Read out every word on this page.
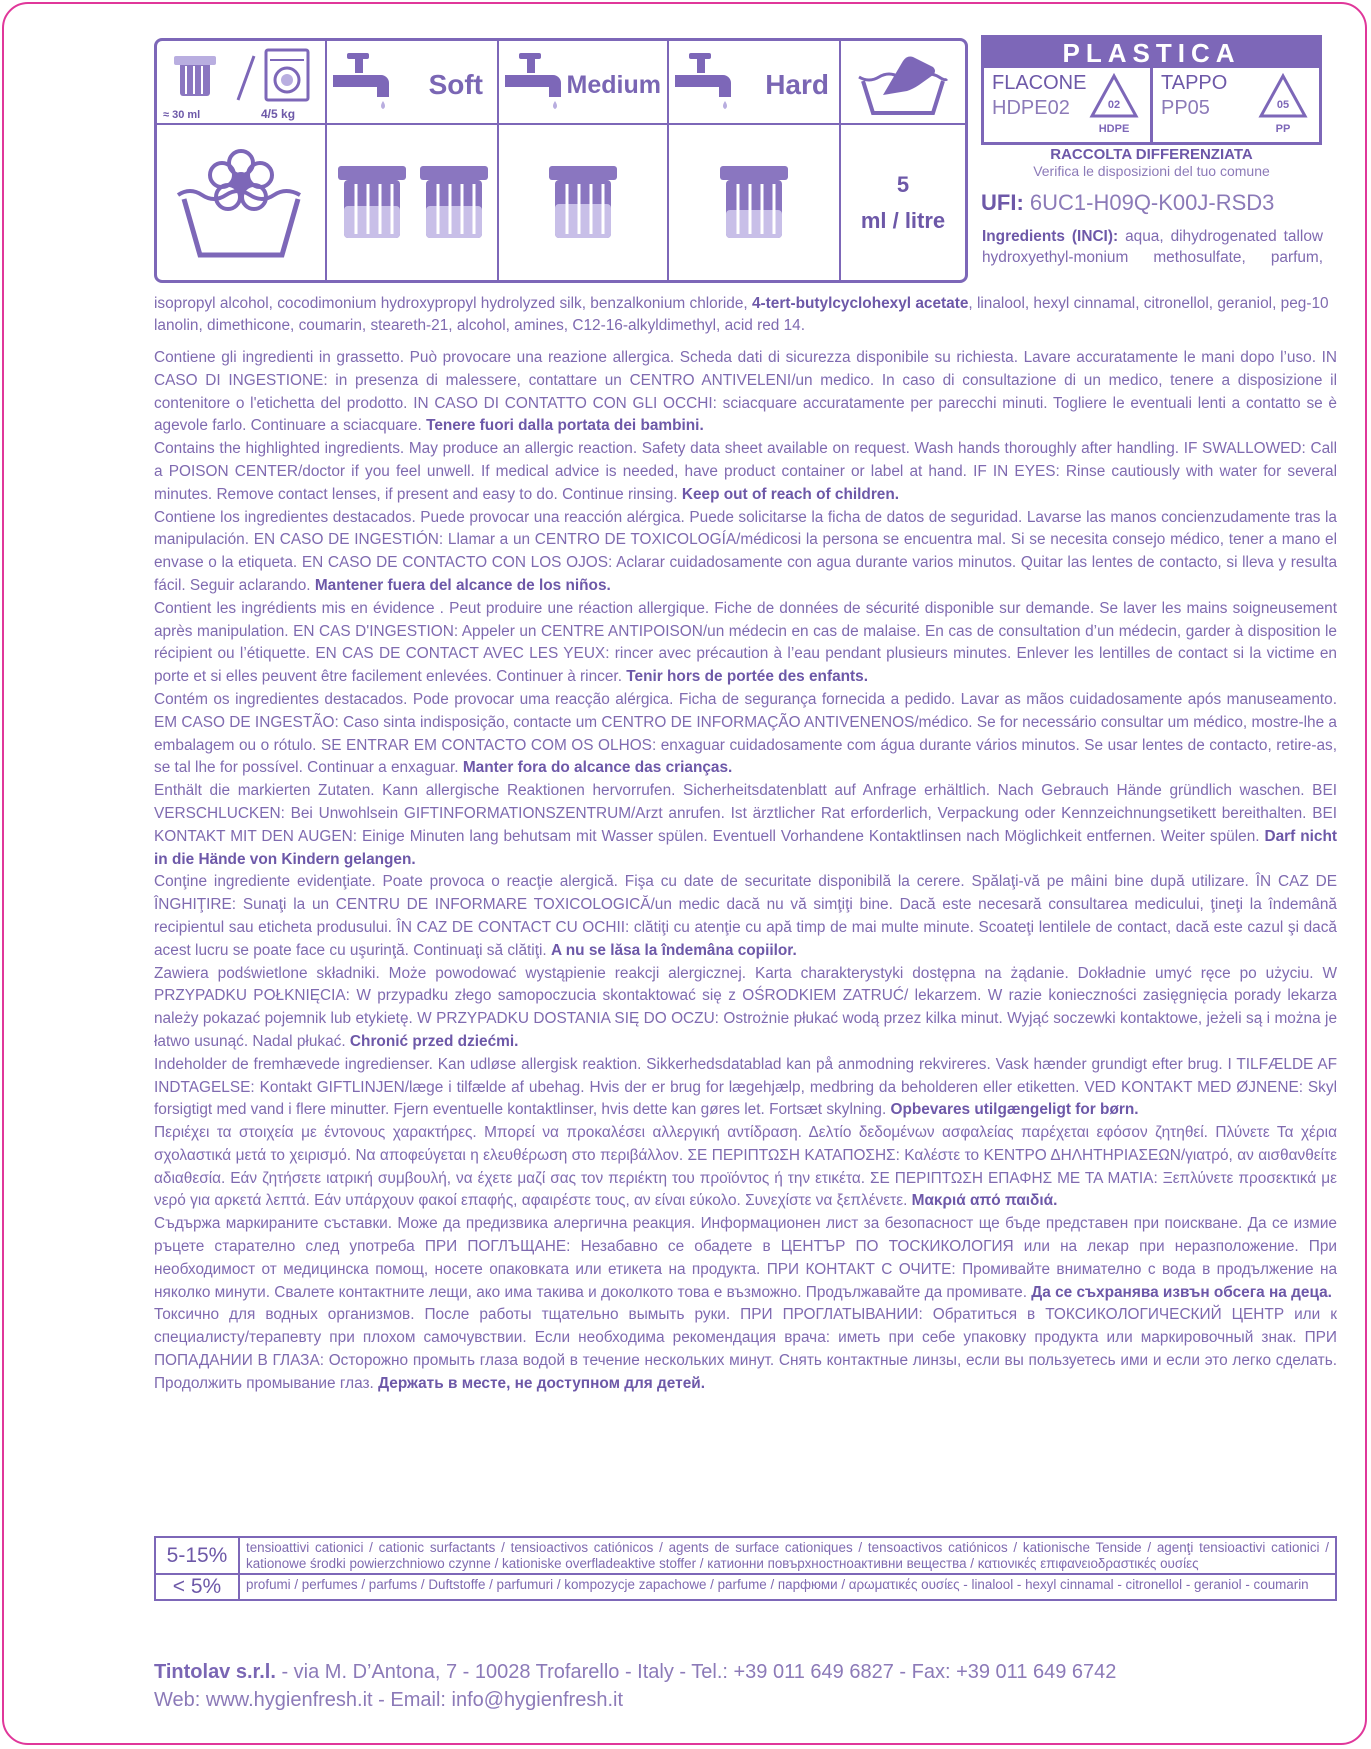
≈ 30 ml	4/5 kg
Soft	Medium	Hard
5
ml / litre
PLASTICA
FLACONE
HDPE02	02
HDPE
TAPPO
PP05	05
PP
RACCOLTA DIFFERENZIATA
Verifica le disposizioni del tuo comune
UFI: 6UC1-H09Q-K00J-RSD3
Ingredients (INCI): aqua, dihydrogenated tallow hydroxyethyl-monium methosulfate, parfum,
isopropyl alcohol, cocodimonium hydroxypropyl hydrolyzed silk, benzalkonium chloride, 4-tert-butylcyclohexyl acetate, linalool, hexyl cinnamal, citronellol, geraniol, peg-10 lanolin, dimethicone, coumarin, steareth-21, alcohol, amines, C12-16-alkyldimethyl, acid red 14.

Contiene gli ingredienti in grassetto. Può provocare una reazione allergica. Scheda dati di sicurezza disponibile su richiesta. Lavare accuratamente le mani dopo l’uso. IN CASO DI INGESTIONE: in presenza di malessere, contattare un CENTRO ANTIVELENI/un medico. In caso di consultazione di un medico, tenere a disposizione il contenitore o l'etichetta del prodotto. IN CASO DI CONTATTO CON GLI OCCHI: sciacquare accuratamente per parecchi minuti. Togliere le eventuali lenti a contatto se è agevole farlo. Continuare a sciacquare. Tenere fuori dalla portata dei bambini.

Contains the highlighted ingredients. May produce an allergic reaction. Safety data sheet available on request. Wash hands thoroughly after handling. IF SWALLOWED: Call a POISON CENTER/doctor if you feel unwell. If medical advice is needed, have product container or label at hand. IF IN EYES: Rinse cautiously with water for several minutes. Remove contact lenses, if present and easy to do. Continue rinsing. Keep out of reach of children.

Contiene los ingredientes destacados. Puede provocar una reacción alérgica. Puede solicitarse la ficha de datos de seguridad. Lavarse las manos concienzudamente tras la manipulación. EN CASO DE INGESTIÓN: Llamar a un CENTRO DE TOXICOLOGÍA/médicosi la persona se encuentra mal. Si se necesita consejo médico, tener a mano el envase o la etiqueta. EN CASO DE CONTACTO CON LOS OJOS: Aclarar cuidadosamente con agua durante varios minutos. Quitar las lentes de contacto, si lleva y resulta fácil. Seguir aclarando. Mantener fuera del alcance de los niños.

Contient les ingrédients mis en évidence . Peut produire une réaction allergique. Fiche de données de sécurité disponible sur demande. Se laver les mains soigneusement après manipulation. EN CAS D'INGESTION: Appeler un CENTRE ANTIPOISON/un médecin en cas de malaise. En cas de consultation d’un médecin, garder à disposition le récipient ou l’étiquette. EN CAS DE CONTACT AVEC LES YEUX: rincer avec précaution à l’eau pendant plusieurs minutes. Enlever les lentilles de contact si la victime en porte et si elles peuvent être facilement enlevées. Continuer à rincer. Tenir hors de portée des enfants.

Contém os ingredientes destacados. Pode provocar uma reacção alérgica. Ficha de segurança fornecida a pedido. Lavar as mãos cuidadosamente após manuseamento. EM CASO DE INGESTÃO: Caso sinta indisposição, contacte um CENTRO DE INFORMAÇÃO ANTIVENENOS/médico. Se for necessário consultar um médico, mostre-lhe a embalagem ou o rótulo. SE ENTRAR EM CONTACTO COM OS OLHOS: enxaguar cuidadosamente com água durante vários minutos. Se usar lentes de contacto, retire-as, se tal lhe for possível. Continuar a enxaguar. Manter fora do alcance das crianças.

Enthält die markierten Zutaten. Kann allergische Reaktionen hervorrufen. Sicherheitsdatenblatt auf Anfrage erhältlich. Nach Gebrauch Hände gründlich waschen. BEI VERSCHLUCKEN: Bei Unwohlsein GIFTINFORMATIONSZENTRUM/Arzt anrufen. Ist ärztlicher Rat erforderlich, Verpackung oder Kennzeichnungsetikett bereithalten. BEI KONTAKT MIT DEN AUGEN: Einige Minuten lang behutsam mit Wasser spülen. Eventuell Vorhandene Kontaktlinsen nach Möglichkeit entfernen. Weiter spülen. Darf nicht in die Hände von Kindern gelangen.

Conţine ingrediente evidenţiate. Poate provoca o reacţie alergică. Fişa cu date de securitate disponibilă la cerere. Spălaţi-vă pe mâini bine după utilizare. ÎN CAZ DE ÎNGHIŢIRE: Sunaţi la un CENTRU DE INFORMARE TOXICOLOGICĂ/un medic dacă nu vă simţiţi bine. Dacă este necesară consultarea medicului, ţineţi la îndemână recipientul sau eticheta produsului. ÎN CAZ DE CONTACT CU OCHII: clătiţi cu atenţie cu apă timp de mai multe minute. Scoateţi lentilele de contact, dacă este cazul şi dacă acest lucru se poate face cu uşurinţă. Continuaţi să clătiţi. A nu se lăsa la îndemâna copiilor.

Zawiera podświetlone składniki. Może powodować wystąpienie reakcji alergicznej. Karta charakterystyki dostępna na żądanie. Dokładnie umyć ręce po użyciu. W PRZYPADKU POŁKNIĘCIA: W przypadku złego samopoczucia skontaktować się z OŚRODKIEM ZATRUĆ/ lekarzem. W razie konieczności zasięgnięcia porady lekarza należy pokazać pojemnik lub etykietę. W PRZYPADKU DOSTANIA SIĘ DO OCZU: Ostrożnie płukać wodą przez kilka minut. Wyjąć soczewki kontaktowe, jeżeli są i można je łatwo usunąć. Nadal płukać. Chronić przed dziećmi.

Indeholder de fremhævede ingredienser. Kan udløse allergisk reaktion. Sikkerhedsdatablad kan på anmodning rekvireres. Vask hænder grundigt efter brug. I TILFÆLDE AF INDTAGELSE: Kontakt GIFTLINJEN/læge i tilfælde af ubehag. Hvis der er brug for lægehjælp, medbring da beholderen eller etiketten. VED KONTAKT MED ØJNENE: Skyl forsigtigt med vand i flere minutter. Fjern eventuelle kontaktlinser, hvis dette kan gøres let. Fortsæt skylning. Opbevares utilgængeligt for børn.

Περιέχει τα στοιχεία με έντονους χαρακτήρες. Μπορεί να προκαλέσει αλλεργική αντίδραση. Δελτίο δεδομένων ασφαλείας παρέχεται εφόσον ζητηθεί. Πλύνετε Τα χέρια σχολαστικά μετά το χειρισμό. Να αποφεύγεται η ελευθέρωση στο περιβάλλον. ΣΕ ΠΕΡΙΠΤΩΣΗ ΚΑΤΑΠΟΣΗΣ: Καλέστε το ΚΕΝΤΡΟ ΔΗΛΗΤΗΡΙΑΣΕΩΝ/γιατρό, αν αισθανθείτε αδιαθεσία. Εάν ζητήσετε ιατρική συμβουλή, να έχετε μαζί σας τον περιέκτη του προϊόντος ή την ετικέτα. ΣΕ ΠΕΡΙΠΤΩΣΗ ΕΠΑΦΗΣ ΜΕ ΤΑ ΜΑΤΙΑ: Ξεπλύνετε προσεκτικά με νερό για αρκετά λεπτά. Εάν υπάρχουν φακοί επαφής, αφαιρέστε τους, αν είναι εύκολο. Συνεχίστε να ξεπλένετε. Μακριά από παιδιά.

Съдържа маркираните съставки. Може да предизвика алергична реакция. Информационен лист за безопасност ще бъде представен при поискване. Да се измие ръцете старателно след употреба ПРИ ПОГЛЪЩАНЕ: Незабавно се обадете в ЦЕНТЪР ПО ТОСКИКОЛОГИЯ или на лекар при неразположение. При необходимост от медицинска помощ, носете опаковката или етикета на продукта. ПРИ КОНТАКТ С ОЧИТЕ: Промивайте внимателно с вода в продължение на няколко минути. Свалете контактните лещи, ако има такива и доколкото това е възможно. Продължавайте да промивате. Да се съхранява извън обсега на деца.

Токсично для водных организмов. После работы тщательно вымыть руки. ПРИ ПРОГЛАТЫВАНИИ: Обратиться в ТОКСИКОЛОГИЧЕСКИЙ ЦЕНТР или к специалисту/терапевту при плохом самочувствии. Если необходима рекомендация врача: иметь при себе упаковку продукта или маркировочный знак. ПРИ ПОПАДАНИИ В ГЛАЗА: Осторожно промыть глаза водой в течение нескольких минут. Снять контактные линзы, если вы пользуетесь ими и если это легко сделать. Продолжить промывание глаз. Держать в месте, не доступном для детей.

5-15%	tensioattivi cationici / cationic surfactants / tensioactivos catiónicos / agents de surface cationiques / tensoactivos catiónicos / kationische Tenside / agenţi tensioactivi cationici / kationowe środki powierzchniowo czynne / kationiske overfladeaktive stoffer / катионни повърхностноактивни вещества / κατιονικές επιφανειοδραστικές ουσίες
< 5%	profumi / perfumes / parfums / Duftstoffe / parfumuri / kompozycje zapachowe / parfume / парфюми / αρωματικές ουσίες - linalool - hexyl cinnamal - citronellol - geraniol - coumarin
Tintolav s.r.l. - via M. D’Antona, 7 - 10028 Trofarello - Italy - Tel.: +39 011 649 6827 - Fax: +39 011 649 6742
Web: www.hygienfresh.it - Email: info@hygienfresh.it
